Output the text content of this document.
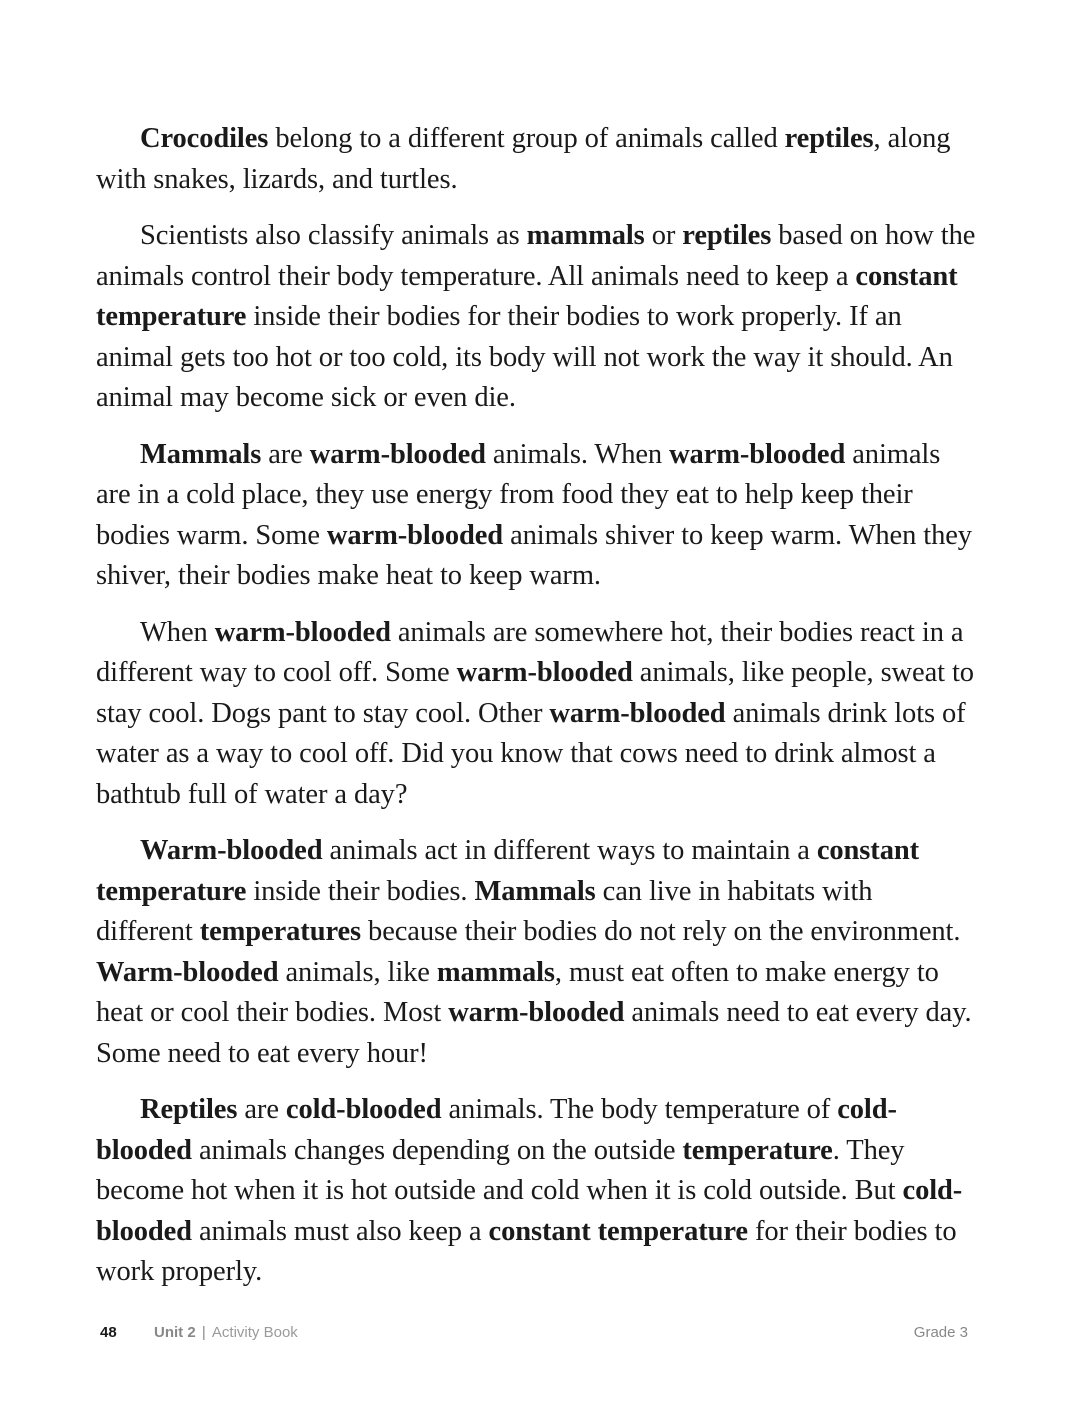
Crocodiles belong to a different group of animals called reptiles, along with snakes, lizards, and turtles.

Scientists also classify animals as mammals or reptiles based on how the animals control their body temperature. All animals need to keep a constant temperature inside their bodies for their bodies to work properly. If an animal gets too hot or too cold, its body will not work the way it should. An animal may become sick or even die.

Mammals are warm-blooded animals. When warm-blooded animals are in a cold place, they use energy from food they eat to help keep their bodies warm. Some warm-blooded animals shiver to keep warm. When they shiver, their bodies make heat to keep warm.

When warm-blooded animals are somewhere hot, their bodies react in a different way to cool off. Some warm-blooded animals, like people, sweat to stay cool. Dogs pant to stay cool. Other warm-blooded animals drink lots of water as a way to cool off. Did you know that cows need to drink almost a bathtub full of water a day?

Warm-blooded animals act in different ways to maintain a constant temperature inside their bodies. Mammals can live in habitats with different temperatures because their bodies do not rely on the environment. Warm-blooded animals, like mammals, must eat often to make energy to heat or cool their bodies. Most warm-blooded animals need to eat every day. Some need to eat every hour!

Reptiles are cold-blooded animals. The body temperature of cold-blooded animals changes depending on the outside temperature. They become hot when it is hot outside and cold when it is cold outside. But cold-blooded animals must also keep a constant temperature for their bodies to work properly.

48 Unit 2 | Activity Book	Grade 3
